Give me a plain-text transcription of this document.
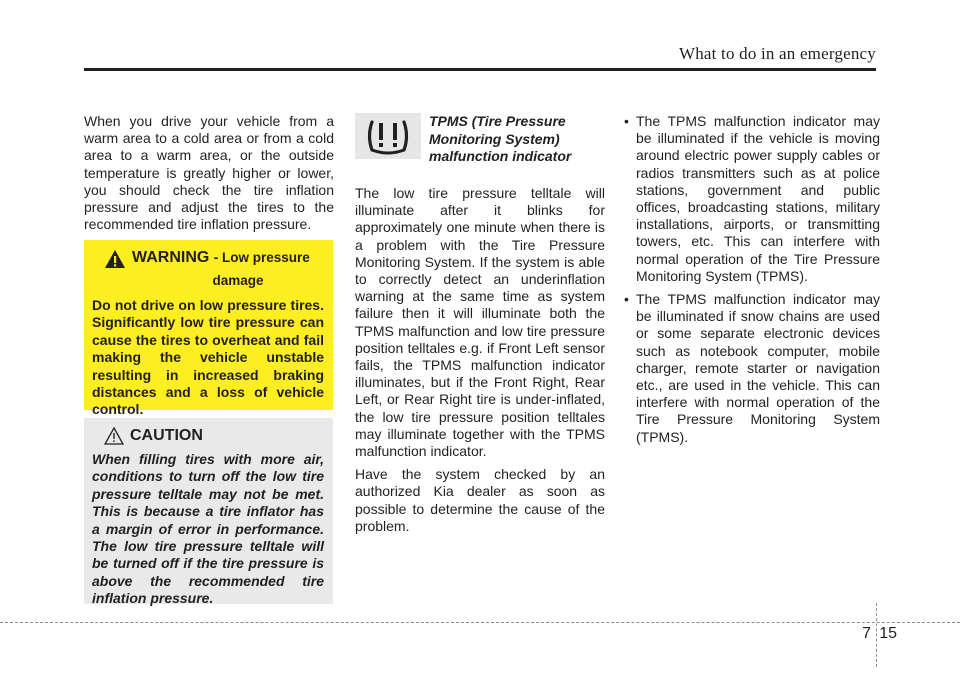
What to do in an emergency

When you drive your vehicle from a warm area to a cold area or from a cold area to a warm area, or the outside temperature is greatly higher or lower, you should check the tire inflation pressure and adjust the tires to the recommended tire inflation pressure.

WARNING - Low pressure
damage
Do not drive on low pressure tires. Significantly low tire pressure can cause the tires to overheat and fail making the vehicle unstable resulting in increased braking distances and a loss of vehicle control.
CAUTION
When filling tires with more air, conditions to turn off the low tire pressure telltale may not be met. This is because a tire inflator has a margin of error in performance. The low tire pressure telltale will be turned off if the tire pressure is above the recommended tire inflation pressure.
TPMS (Tire Pressure Monitoring System) malfunction indicator

The low tire pressure telltale will illuminate after it blinks for approximately one minute when there is a problem with the Tire Pressure Monitoring System. If the system is able to correctly detect an underinflation warning at the same time as system failure then it will illuminate both the TPMS malfunction and low tire pressure position telltales e.g. if Front Left sensor fails, the TPMS malfunction indicator illuminates, but if the Front Right, Rear Left, or Rear Right tire is under-inflated, the low tire pressure position telltales may illuminate together with the TPMS malfunction indicator.

Have the system checked by an authorized Kia dealer as soon as possible to determine the cause of the problem.

• The TPMS malfunction indicator may be illuminated if the vehicle is moving around electric power supply cables or radios transmitters such as at police stations, government and public offices, broadcasting stations, military installations, airports, or transmitting towers, etc. This can interfere with normal operation of the Tire Pressure Monitoring System (TPMS).
• The TPMS malfunction indicator may be illuminated if snow chains are used or some separate electronic devices such as notebook computer, mobile charger, remote starter or navigation etc., are used in the vehicle. This can interfere with normal operation of the Tire Pressure Monitoring System (TPMS).
7 15
